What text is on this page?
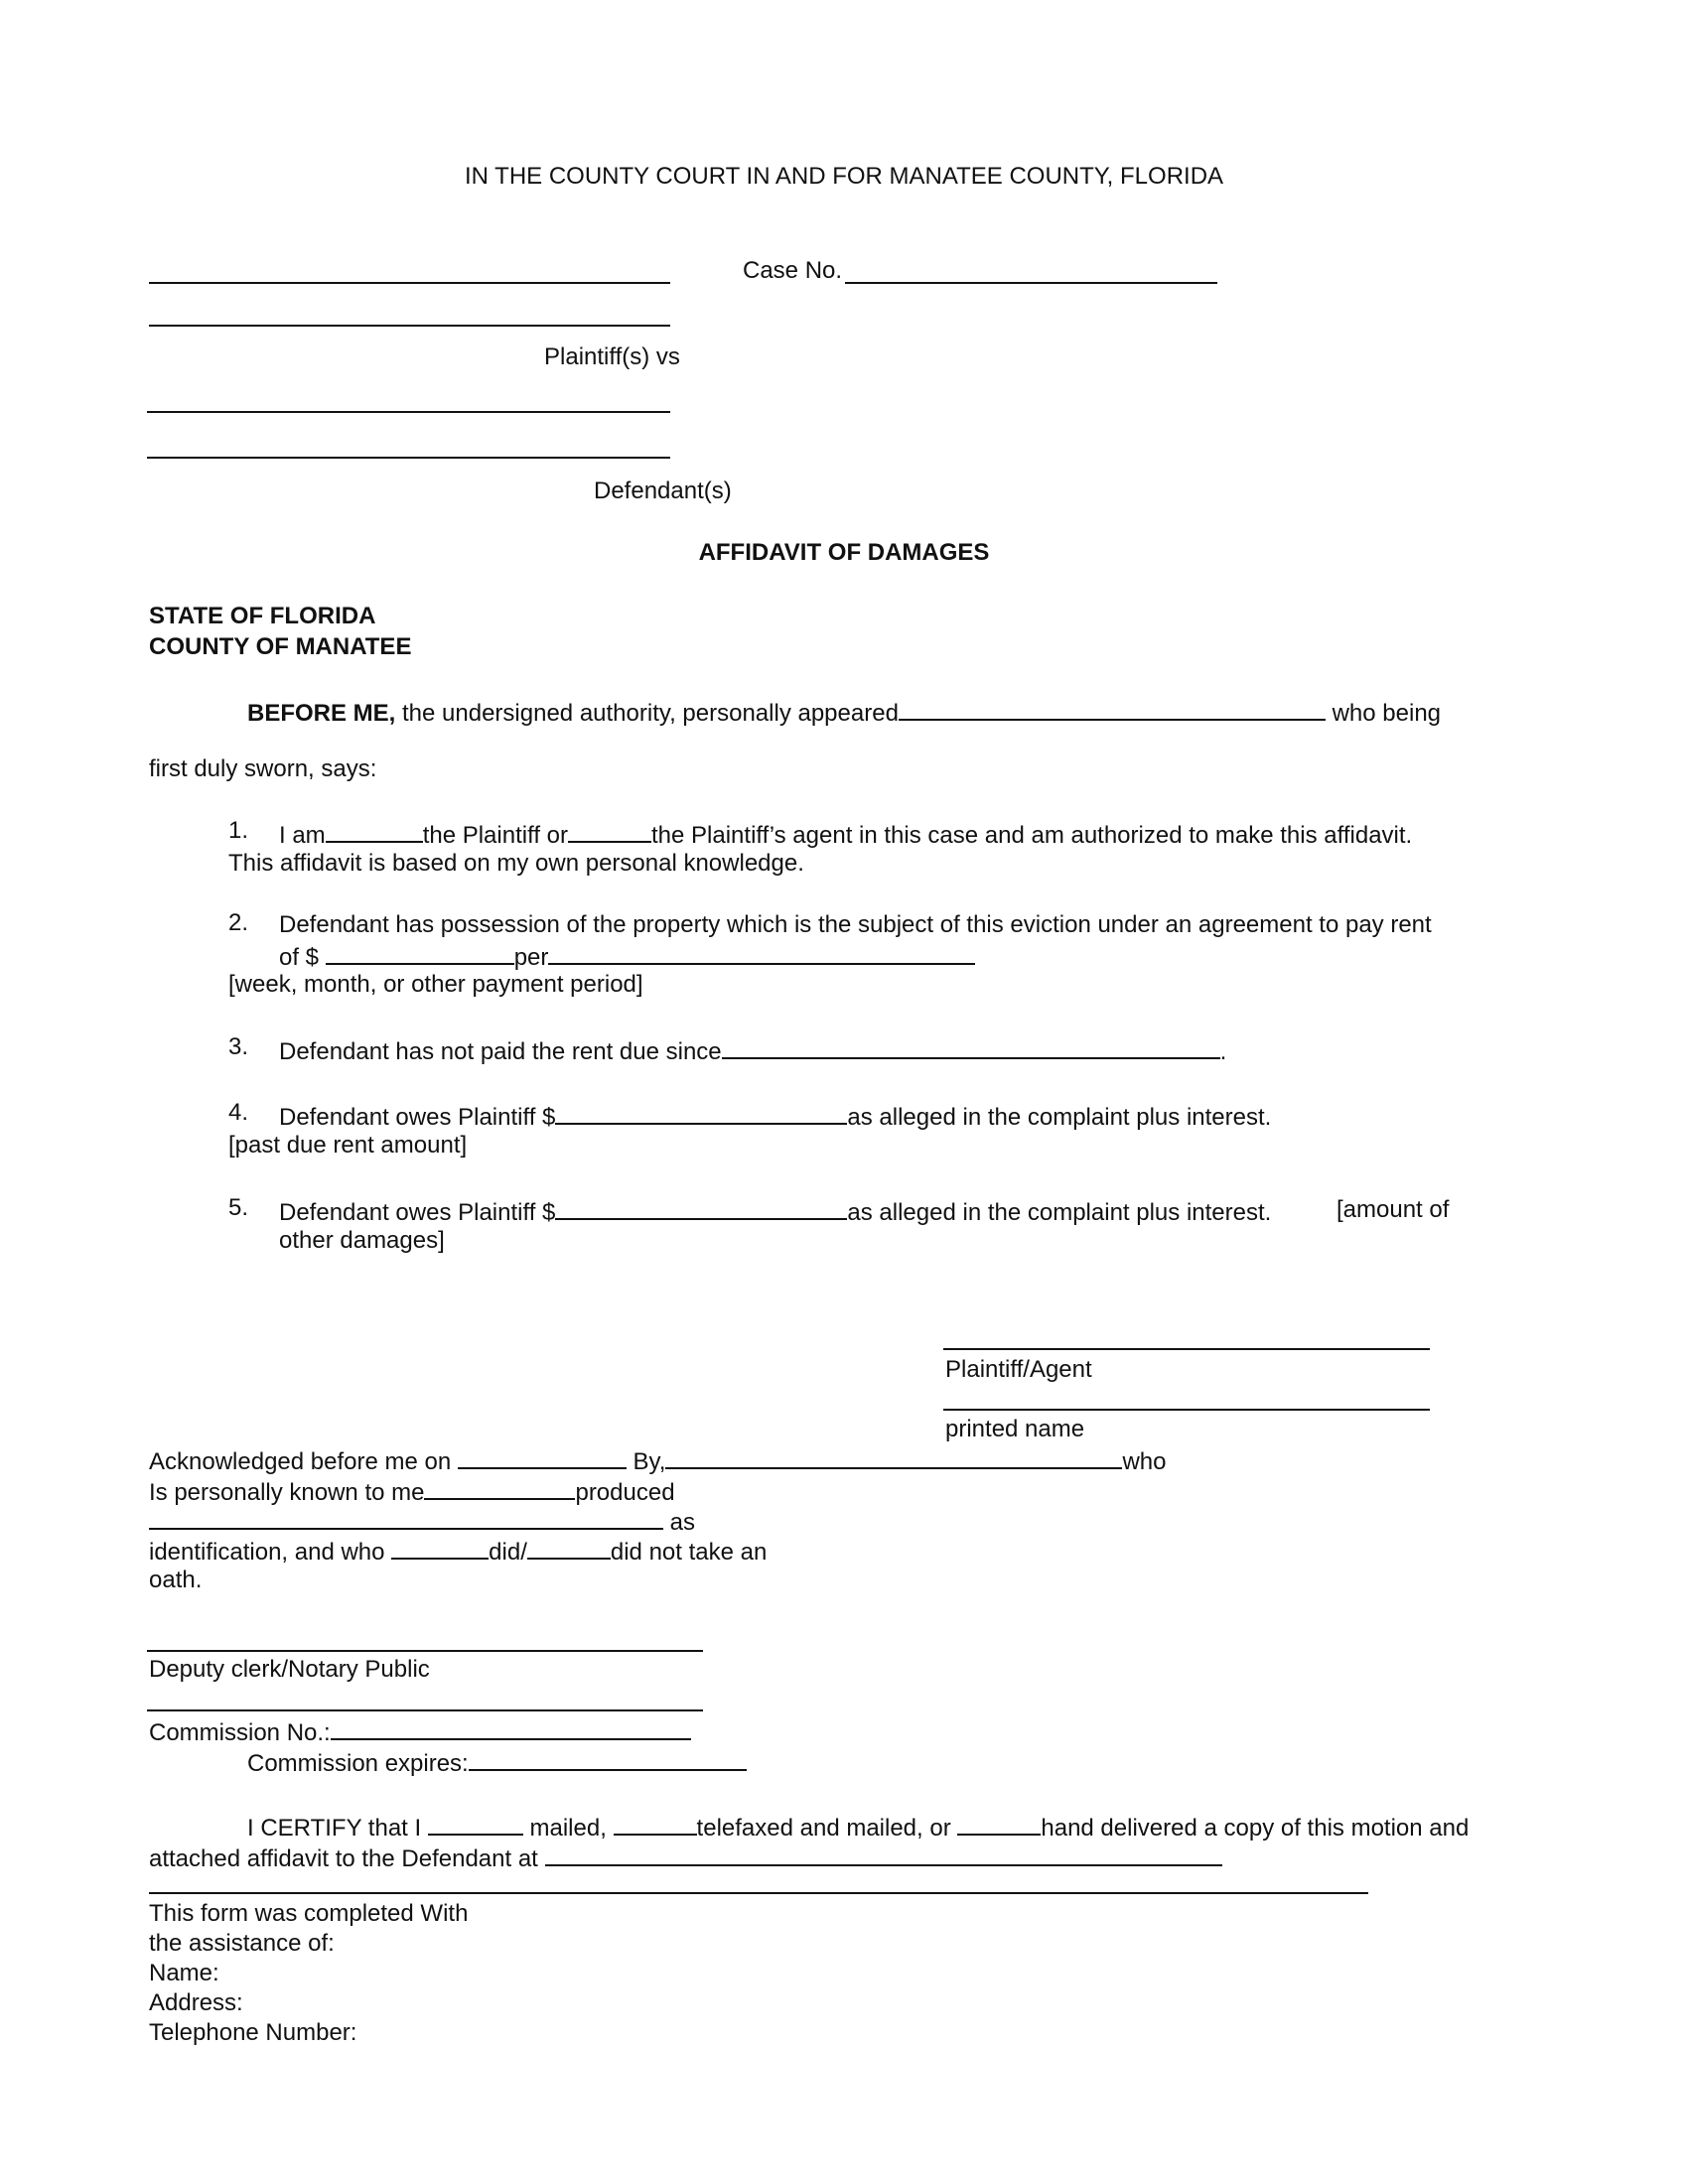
IN THE COUNTY COURT IN AND FOR MANATEE COUNTY, FLORIDA
Case No.
Plaintiff(s) vs
Defendant(s)
AFFIDAVIT OF DAMAGES
STATE OF FLORIDA
COUNTY OF MANATEE
BEFORE ME, the undersigned authority, personally appeared	who being
first duly sworn, says:
1. I am	the Plaintiff or	the Plaintiff’s agent in this case and am authorized to make this affidavit.
This affidavit is based on my own personal knowledge.
2. Defendant has possession of the property which is the subject of this eviction under an agreement to pay rent
of $	per
[week, month, or other payment period]
3. Defendant has not paid the rent due since	.
4. Defendant owes Plaintiff $	as alleged in the complaint plus interest.
[past due rent amount]
5. Defendant owes Plaintiff $	as alleged in the complaint plus interest.	[amount of
other damages]
Plaintiff/Agent
printed name
Acknowledged before me on	By,	who
Is personally known to me	produced
as
identification, and who	did/	did not take an
oath.
Deputy clerk/Notary Public
Commission No.:
Commission expires:
I CERTIFY that I	mailed,	telefaxed and mailed, or	hand delivered a copy of this motion and
attached affidavit to the Defendant at
This form was completed With
the assistance of:
Name:
Address:
Telephone Number:
